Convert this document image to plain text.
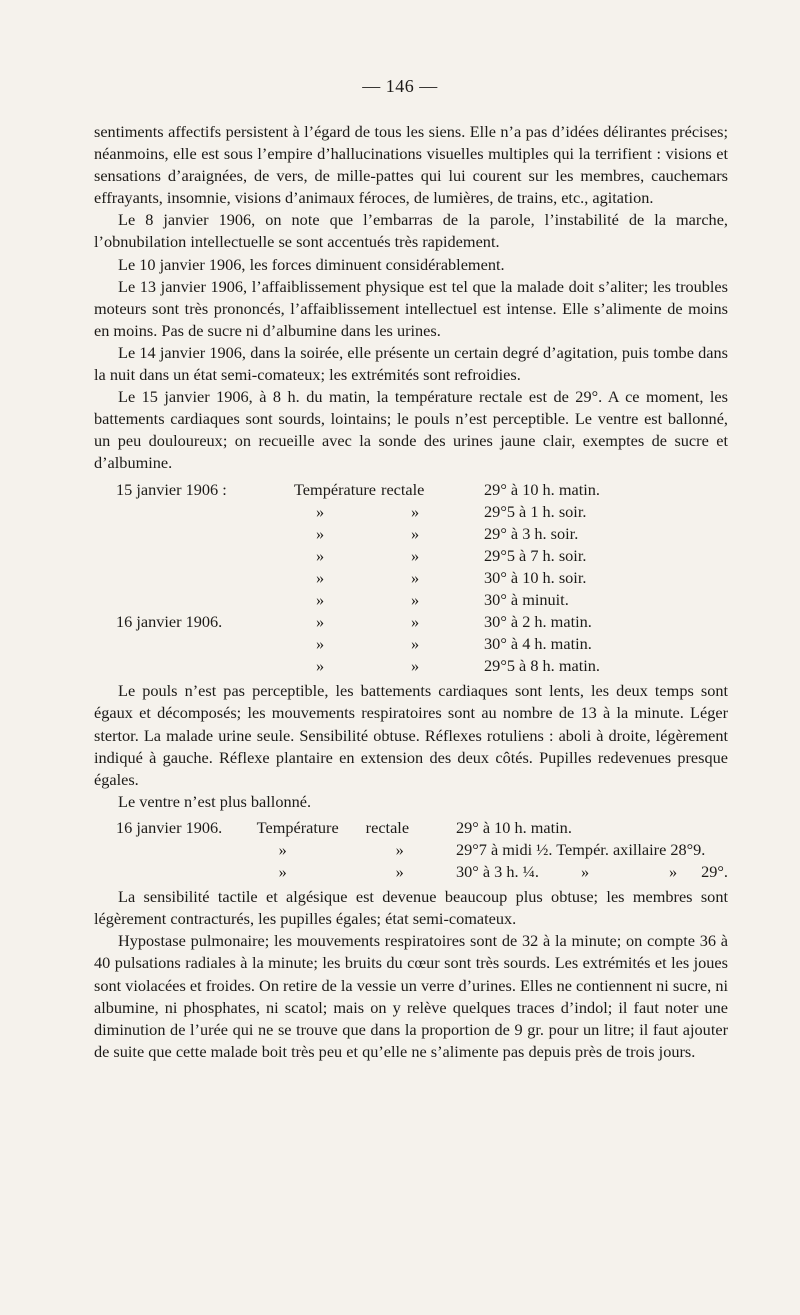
— 146 —

sentiments affectifs persistent à l’égard de tous les siens. Elle n’a pas d’idées délirantes précises; néanmoins, elle est sous l’empire d’hallucinations visuelles multiples qui la terrifient : visions et sensations d’araignées, de vers, de mille-pattes qui lui courent sur les membres, cauchemars effrayants, insomnie, visions d’animaux féroces, de lumières, de trains, etc., agitation.

Le 8 janvier 1906, on note que l’embarras de la parole, l’instabilité de la marche, l’obnubilation intellectuelle se sont accentués très rapidement.

Le 10 janvier 1906, les forces diminuent considérablement.

Le 13 janvier 1906, l’affaiblissement physique est tel que la malade doit s’aliter; les troubles moteurs sont très prononcés, l’affaiblissement intellectuel est intense. Elle s’alimente de moins en moins. Pas de sucre ni d’albumine dans les urines.

Le 14 janvier 1906, dans la soirée, elle présente un certain degré d’agitation, puis tombe dans la nuit dans un état semi-comateux; les extrémités sont refroidies.

Le 15 janvier 1906, à 8 h. du matin, la température rectale est de 29°. A ce moment, les battements cardiaques sont sourds, lointains; le pouls n’est perceptible. Le ventre est ballonné, un peu douloureux; on recueille avec la sonde des urines jaune clair, exemptes de sucre et d’albumine.

15 janvier 1906 :	Température	rectale	29° à 10 h. matin.
	»	»	29°5 à 1 h. soir.
	»	»	29° à 3 h. soir.
	»	»	29°5 à 7 h. soir.
	»	»	30° à 10 h. soir.
	»	»	30° à minuit.
16 janvier 1906.	»	»	30° à 2 h. matin.
	»	»	30° à 4 h. matin.
	»	»	29°5 à 8 h. matin.

Le pouls n’est pas perceptible, les battements cardiaques sont lents, les deux temps sont égaux et décomposés; les mouvements respiratoires sont au nombre de 13 à la minute. Léger stertor. La malade urine seule. Sensibilité obtuse. Réflexes rotuliens : aboli à droite, légèrement indiqué à gauche. Réflexe plantaire en extension des deux côtés. Pupilles redevenues presque égales.

Le ventre n’est plus ballonné.

16 janvier 1906.	Température	rectale	29° à 10 h. matin.
	»	»	29°7 à midi ½. Tempér. axillaire 28°9.
	»	»	30° à 3 h. ¼. » » 29°.

La sensibilité tactile et algésique est devenue beaucoup plus obtuse; les membres sont légèrement contracturés, les pupilles égales; état semi-comateux.

Hypostase pulmonaire; les mouvements respiratoires sont de 32 à la minute; on compte 36 à 40 pulsations radiales à la minute; les bruits du cœur sont très sourds. Les extrémités et les joues sont violacées et froides. On retire de la vessie un verre d’urines. Elles ne contiennent ni sucre, ni albumine, ni phosphates, ni scatol; mais on y relève quelques traces d’indol; il faut noter une diminution de l’urée qui ne se trouve que dans la proportion de 9 gr. pour un litre; il faut ajouter de suite que cette malade boit très peu et qu’elle ne s’alimente pas depuis près de trois jours.
